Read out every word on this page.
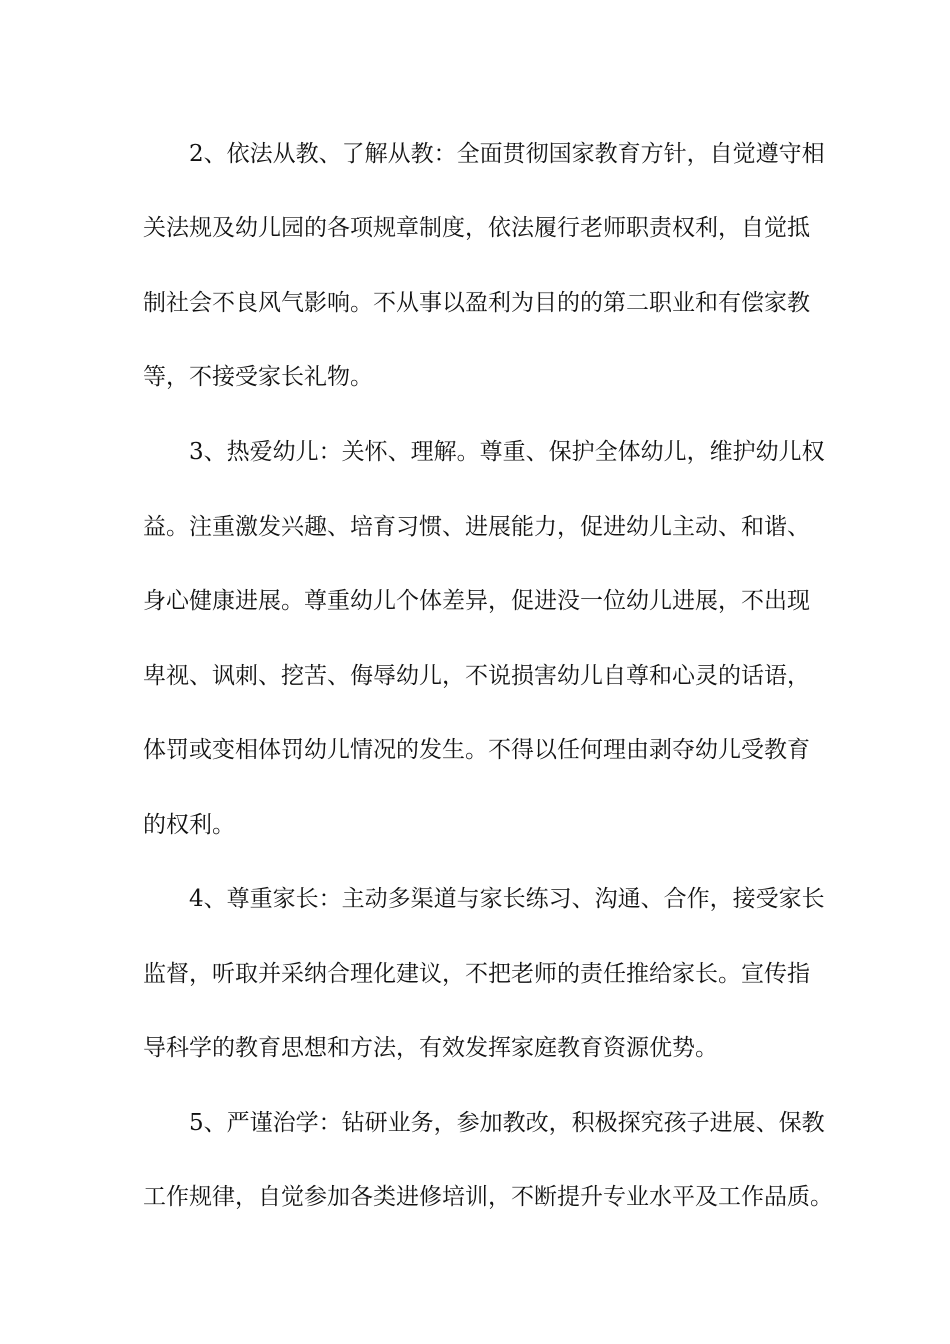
2、依法从教、了解从教：全面贯彻国家教育方针，自觉遵守相
关法规及幼儿园的各项规章制度，依法履行老师职责权利，自觉抵
制社会不良风气影响。不从事以盈利为目的的第二职业和有偿家教
等，不接受家长礼物。
3、热爱幼儿：关怀、理解。尊重、保护全体幼儿，维护幼儿权
益。注重激发兴趣、培育习惯、进展能力，促进幼儿主动、和谐、
身心健康进展。尊重幼儿个体差异，促进没一位幼儿进展，不出现
卑视、讽刺、挖苦、侮辱幼儿，不说损害幼儿自尊和心灵的话语，
体罚或变相体罚幼儿情况的发生。不得以任何理由剥夺幼儿受教育
的权利。
4、尊重家长：主动多渠道与家长练习、沟通、合作，接受家长
监督，听取并采纳合理化建议，不把老师的责任推给家长。宣传指
导科学的教育思想和方法，有效发挥家庭教育资源优势。
5、严谨治学：钻研业务，参加教改，积极探究孩子进展、保教
工作规律，自觉参加各类进修培训，不断提升专业水平及工作品质。
